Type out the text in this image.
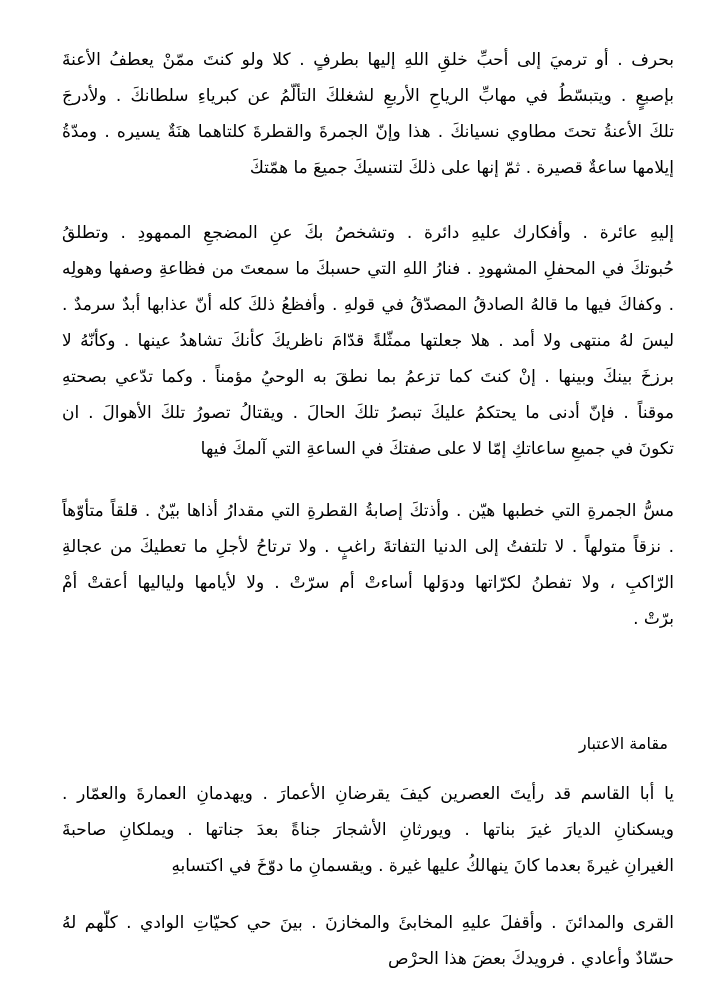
بحرف . أو ترميَ إلى أحبِّ خلقِ اللهِ إليها بطرفٍ . كلا ولو كنتَ ممّنْ يعطفُ الأعنةَ
بإصبعٍ . ويتبسّطُ في مهابِّ الرياحِ الأربعِ لشغلكَ التألّمُ عن كبرياءِ سلطانكَ . ولأدرجَ
تلكَ الأعنةُ تحتَ مطاوي نسيانكَ . هذا وإنّ الجمرةَ والقطرةَ كلتاهما هنَةٌ يسيره . ومدّةُ
إيلامها ساعةٌ قصيرة . ثمّ إنها على ذلكَ لتنسيكَ جميعَ ما همّتكَ
إليهِ عائرة . وأفكارك عليهِ دائرة . وتشخصُ بكَ عنِ المضجعِ الممهودِ . وتطلقُ
حُبوتكَ في المحفلِ المشهودِ . فنارُ اللهِ التي حسبكَ ما سمعتَ من فظاعةِ وصفها وهولِه
. وكفاكَ فيها ما قالهُ الصادقُ المصدّقُ في قولهِ . وأفظعُ ذلكَ كله أنّ عذابها أبدٌ سرمدٌ .
ليسَ لهُ منتهى ولا أمد . هلا جعلتها ممثّلةً قدّامَ ناظريكَ كأنكَ تشاهدُ عينها . وكأنّهُ لا
برزخَ بينكَ وبينها . إنْ كنتَ كما تزعمُ بما نطقَ به الوحيُ مؤمناً . وكما تدّعي بصحتهِ
موقناً . فإنّ أدنى ما يحتكمُ عليكَ تبصرُ تلكَ الحالَ . ويقتالُ تصورُ تلكَ الأهوالَ . ان
تكونَ في جميعِ ساعاتكِ إمّا لا على صفتكَ في الساعةِ التي آلمكَ فيها
مسُّ الجمرةِ التي خطبها هيّن . وأذتكَ إصابةُ القطرةِ التي مقدارُ أذاها بيّنٌ . قلقاً متأوّهاً
. نزقاً متولهاً . لا تلتفتُ إلى الدنيا التفاتةَ راغبٍ . ولا ترتاحُ لأجلِ ما تعطيكَ من عجالةِ
الرّاكبِ ، ولا تفطنُ لكرّاتها ودوَلها أساءتْ أم سرّتْ . ولا لأيامها ولياليها أعقتْ أمْ
برّتْ .
مقامة الاعتبار
يا أبا القاسم قد رأيتَ العصرين كيفَ يقرضانِ الأعمارَ . ويهدمانِ العمارةَ والعمّار .
ويسكنانِ الديارَ غيرَ بناتها . ويورثانِ الأشجارَ جناةً بعدَ جناتها . ويملكانِ صاحبةَ
الغيرانِ غيرةَ بعدما كانَ ينهالكُ عليها غيرة . ويقسمانِ ما دوّخَ في اكتسابهِ
القرى والمدائنَ . وأقفلَ عليهِ المخابئَ والمخازنَ . بينَ حي كحيّاتِ الوادي . كلّهم لهُ
حسّادٌ وأعادي . فرويدكَ بعضَ هذا الحرْص
